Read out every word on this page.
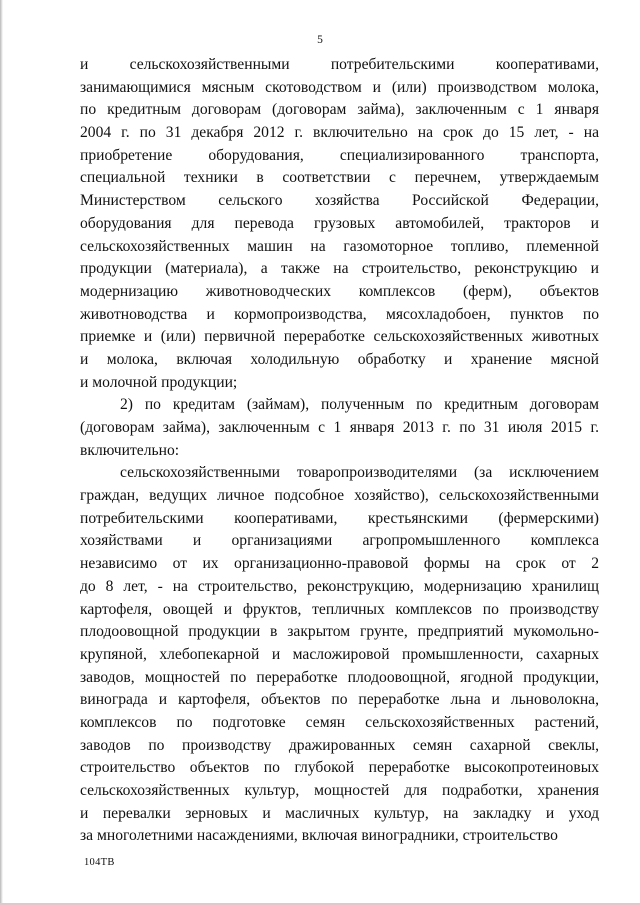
5
и сельскохозяйственными потребительскими кооперативами,
занимающимися мясным скотоводством и (или) производством молока,
по кредитным договорам (договорам займа), заключенным с 1 января
2004 г. по 31 декабря 2012 г. включительно на срок до 15 лет, - на
приобретение оборудования, специализированного транспорта,
специальной техники в соответствии с перечнем, утверждаемым
Министерством сельского хозяйства Российской Федерации,
оборудования для перевода грузовых автомобилей, тракторов и
сельскохозяйственных машин на газомоторное топливо, племенной
продукции (материала), а также на строительство, реконструкцию и
модернизацию животноводческих комплексов (ферм), объектов
животноводства и кормопроизводства, мясохладобоен, пунктов по
приемке и (или) первичной переработке сельскохозяйственных животных
и молока, включая холодильную обработку и хранение мясной
и молочной продукции;
2) по кредитам (займам), полученным по кредитным договорам
(договорам займа), заключенным с 1 января 2013 г. по 31 июля 2015 г.
включительно:
сельскохозяйственными товаропроизводителями (за исключением
граждан, ведущих личное подсобное хозяйство), сельскохозяйственными
потребительскими кооперативами, крестьянскими (фермерскими)
хозяйствами и организациями агропромышленного комплекса
независимо от их организационно-правовой формы на срок от 2
до 8 лет, - на строительство, реконструкцию, модернизацию хранилищ
картофеля, овощей и фруктов, тепличных комплексов по производству
плодоовощной продукции в закрытом грунте, предприятий мукомольно-
крупяной, хлебопекарной и масложировой промышленности, сахарных
заводов, мощностей по переработке плодоовощной, ягодной продукции,
винограда и картофеля, объектов по переработке льна и льноволокна,
комплексов по подготовке семян сельскохозяйственных растений,
заводов по производству дражированных семян сахарной свеклы,
строительство объектов по глубокой переработке высокопротеиновых
сельскохозяйственных культур, мощностей для подработки, хранения
и перевалки зерновых и масличных культур, на закладку и уход
за многолетними насаждениями, включая виноградники, строительство
104ТВ
